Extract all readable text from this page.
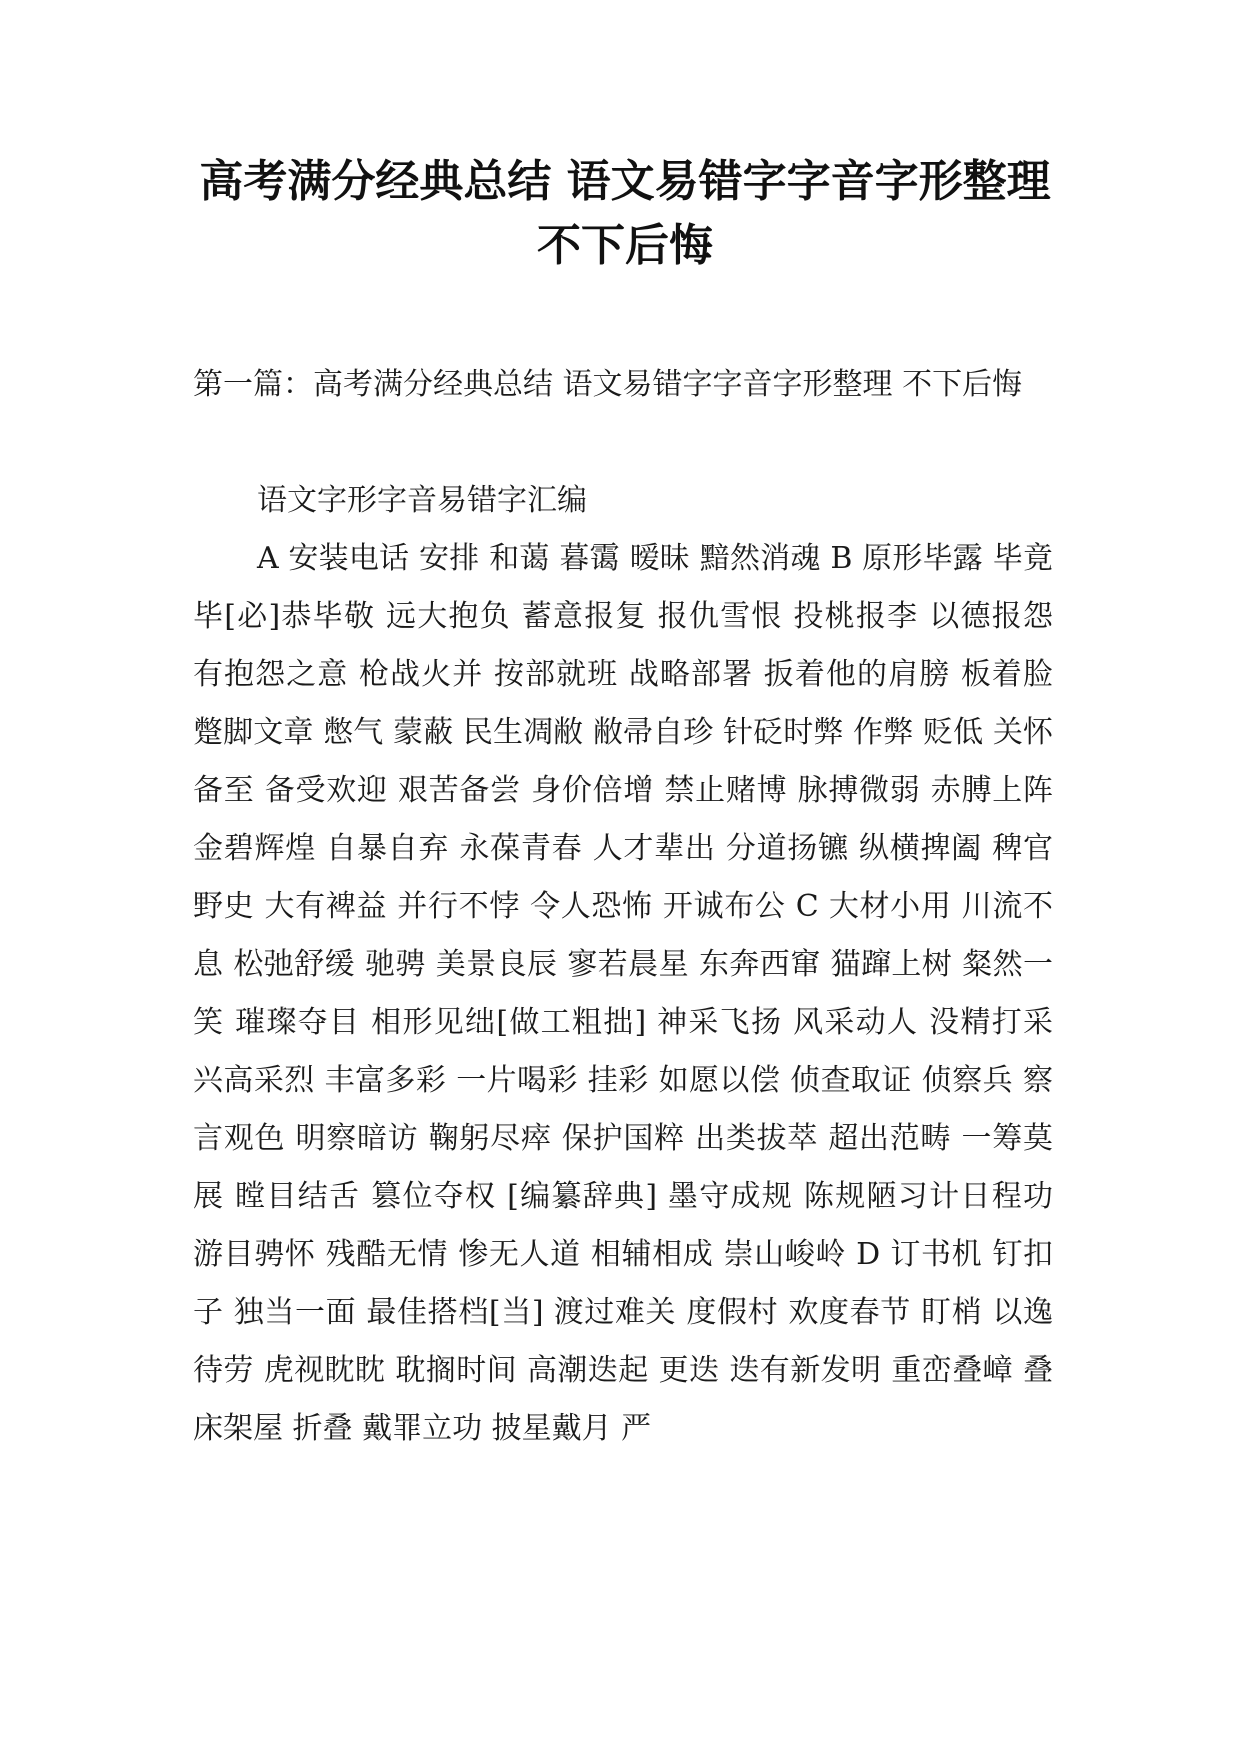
高考满分经典总结 语文易错字字音字形整理 不下后悔

第一篇：高考满分经典总结 语文易错字字音字形整理 不下后悔

语文字形字音易错字汇编

A 安装电话 安排 和蔼 暮霭 暧昧 黯然消魂 B 原形毕露 毕竟 毕[必]恭毕敬 远大抱负 蓄意报复 报仇雪恨 投桃报李 以德报怨 有抱怨之意 枪战火并 按部就班 战略部署 扳着他的肩膀 板着脸 蹩脚文章 憋气 蒙蔽 民生凋敝 敝帚自珍 针砭时弊 作弊 贬低 关怀备至 备受欢迎 艰苦备尝 身价倍增 禁止赌博 脉搏微弱 赤膊上阵 金碧辉煌 自暴自弃 永葆青春 人才辈出 分道扬镳 纵横捭阖 稗官野史 大有裨益 并行不悖 令人恐怖 开诚布公 C 大材小用 川流不息 松弛舒缓 驰骋 美景良辰 寥若晨星 东奔西窜 猫蹿上树 粲然一笑 璀璨夺目 相形见绌[做工粗拙] 神采飞扬 风采动人 没精打采 兴高采烈 丰富多彩 一片喝彩 挂彩 如愿以偿 侦查取证 侦察兵 察言观色 明察暗访 鞠躬尽瘁 保护国粹 出类拔萃 超出范畴 一筹莫展 瞠目结舌 篡位夺权 [编纂辞典] 墨守成规 陈规陋习计日程功 游目骋怀 残酷无情 惨无人道 相辅相成 崇山峻岭 D 订书机 钉扣子 独当一面 最佳搭档[当] 渡过难关 度假村 欢度春节 盯梢 以逸待劳 虎视眈眈 耽搁时间 高潮迭起 更迭 迭有新发明 重峦叠嶂 叠床架屋 折叠 戴罪立功 披星戴月 严
